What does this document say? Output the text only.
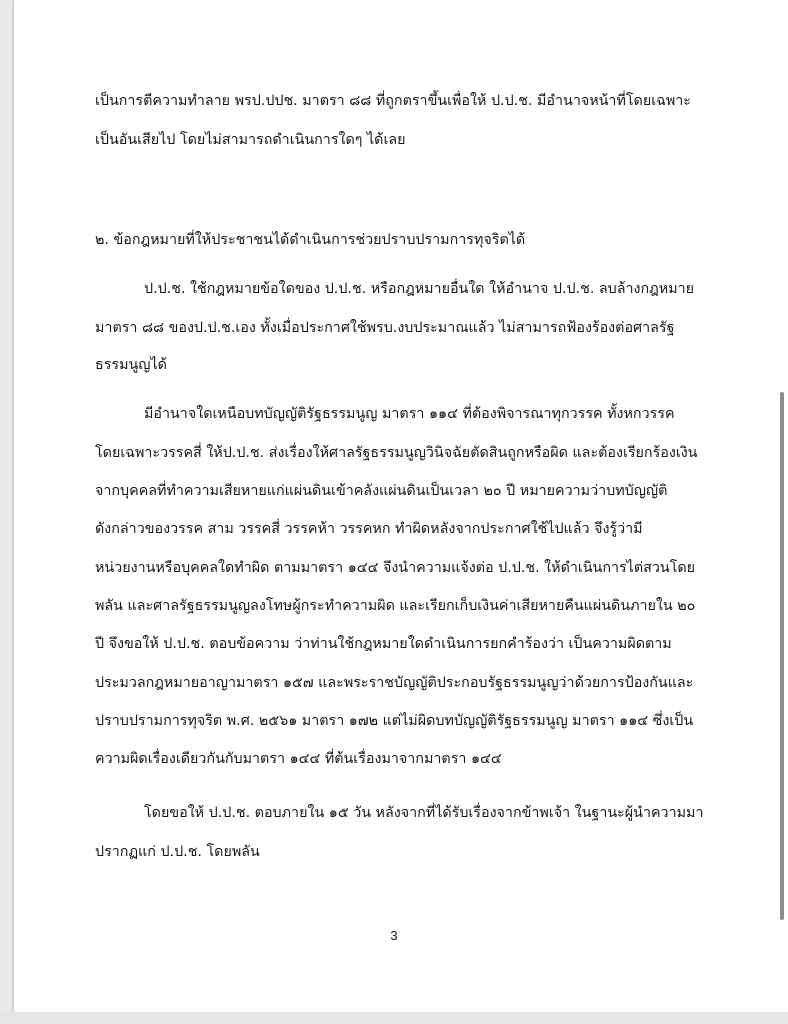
เป็นการตีความทำลาย พรป.ปปช. มาตรา ๘๘ ที่ถูกตราขึ้นเพื่อให้ ป.ป.ช. มีอำนาจหน้าที่โดยเฉพาะ
เป็นอันเสียไป โดยไม่สามารถดำเนินการใดๆ ได้เลย
๒. ข้อกฎหมายที่ให้ประชาชนได้ดำเนินการช่วยปราบปรามการทุจริตได้
ป.ป.ช. ใช้กฎหมายข้อใดของ ป.ป.ช. หรือกฎหมายอื่นใด ให้อำนาจ ป.ป.ช. ลบล้างกฎหมาย
มาตรา ๘๘ ของป.ป.ช.เอง ทั้งเมื่อประกาศใช้พรบ.งบประมาณแล้ว ไม่สามารถฟ้องร้องต่อศาลรัฐ
ธรรมนูญได้
มีอำนาจใดเหนือบทบัญญัติรัฐธรรมนูญ มาตรา ๑๑๔ ที่ต้องพิจารณาทุกวรรค ทั้งหกวรรค
โดยเฉพาะวรรคสี่ ให้ป.ป.ช. ส่งเรื่องให้ศาลรัฐธรรมนูญวินิจฉัยตัดสินถูกหรือผิด และต้องเรียกร้องเงิน
จากบุคคลที่ทำความเสียหายแก่แผ่นดินเข้าคลังแผ่นดินเป็นเวลา ๒๐ ปี หมายความว่าบทบัญญัติ
ดังกล่าวของวรรค สาม วรรคสี่ วรรคห้า วรรคหก ทำผิดหลังจากประกาศใช้ไปแล้ว จึงรู้ว่ามี
หน่วยงานหรือบุคคลใดทำผิด ตามมาตรา ๑๔๔ จึงนำความแจ้งต่อ ป.ป.ช. ให้ดำเนินการไต่สวนโดย
พลัน และศาลรัฐธรรมนูญลงโทษผู้กระทำความผิด และเรียกเก็บเงินค่าเสียหายคืนแผ่นดินภายใน ๒๐
ปี จึงขอให้ ป.ป.ช. ตอบข้อความ ว่าท่านใช้กฎหมายใดดำเนินการยกคำร้องว่า เป็นความผิดตาม
ประมวลกฎหมายอาญามาตรา ๑๕๗ และพระราชบัญญัติประกอบรัฐธรรมนูญว่าด้วยการป้องกันและ
ปราบปรามการทุจริต พ.ศ. ๒๕๖๑ มาตรา ๑๗๒ แต่ไม่ผิดบทบัญญัติรัฐธรรมนูญ มาตรา ๑๑๔ ซึ่งเป็น
ความผิดเรื่องเดียวกันกับมาตรา ๑๔๔ ที่ต้นเรื่องมาจากมาตรา ๑๔๔
โดยขอให้ ป.ป.ช. ตอบภายใน ๑๕ วัน หลังจากที่ได้รับเรื่องจากข้าพเจ้า ในฐานะผู้นำความมา
ปรากฏแก่ ป.ป.ช. โดยพลัน
3
